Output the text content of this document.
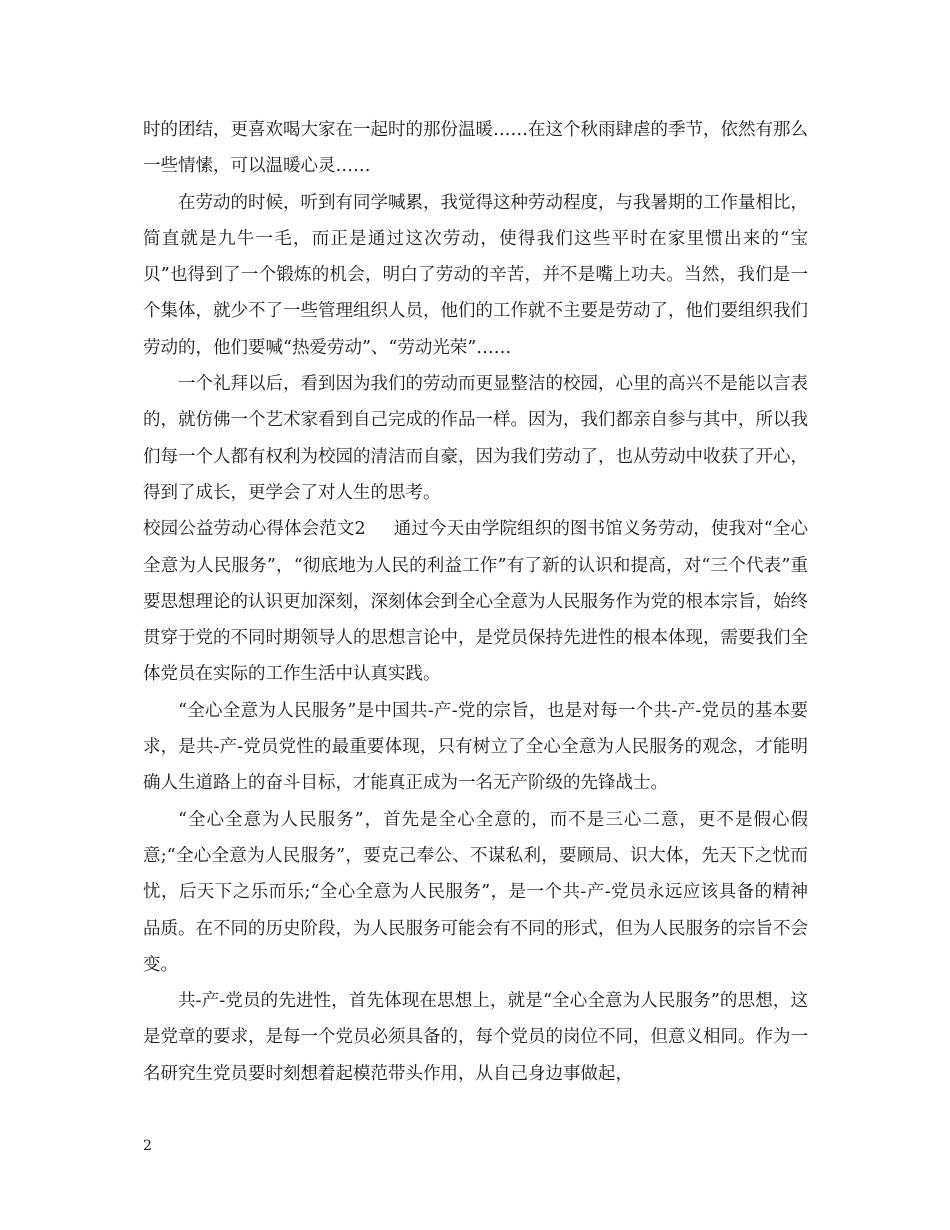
时的团结，更喜欢喝大家在一起时的那份温暖……在这个秋雨肆虐的季节，依然有那么一些情愫，可以温暖心灵……

在劳动的时候，听到有同学喊累，我觉得这种劳动程度，与我暑期的工作量相比，简直就是九牛一毛，而正是通过这次劳动，使得我们这些平时在家里惯出来的“宝贝”也得到了一个锻炼的机会，明白了劳动的辛苦，并不是嘴上功夫。当然，我们是一个集体，就少不了一些管理组织人员，他们的工作就不主要是劳动了，他们要组织我们劳动的，他们要喊“热爱劳动”、“劳动光荣”……

一个礼拜以后，看到因为我们的劳动而更显整洁的校园，心里的高兴不是能以言表的，就仿佛一个艺术家看到自己完成的作品一样。因为，我们都亲自参与其中，所以我们每一个人都有权利为校园的清洁而自豪，因为我们劳动了，也从劳动中收获了开心，得到了成长，更学会了对人生的思考。

校园公益劳动心得体会范文2 通过今天由学院组织的图书馆义务劳动，使我对“全心全意为人民服务”，“彻底地为人民的利益工作”有了新的认识和提高，对“三个代表”重要思想理论的认识更加深刻，深刻体会到全心全意为人民服务作为党的根本宗旨，始终贯穿于党的不同时期领导人的思想言论中，是党员保持先进性的根本体现，需要我们全体党员在实际的工作生活中认真实践。

“全心全意为人民服务”是中国共-产-党的宗旨，也是对每一个共-产-党员的基本要求，是共-产-党员党性的最重要体现，只有树立了全心全意为人民服务的观念，才能明确人生道路上的奋斗目标，才能真正成为一名无产阶级的先锋战士。

“全心全意为人民服务”，首先是全心全意的，而不是三心二意，更不是假心假意;“全心全意为人民服务”，要克己奉公、不谋私利，要顾局、识大体，先天下之忧而忧，后天下之乐而乐;“全心全意为人民服务”，是一个共-产-党员永远应该具备的精神品质。在不同的历史阶段，为人民服务可能会有不同的形式，但为人民服务的宗旨不会变。

共-产-党员的先进性，首先体现在思想上，就是“全心全意为人民服务”的思想，这是党章的要求，是每一个党员必须具备的，每个党员的岗位不同，但意义相同。作为一名研究生党员要时刻想着起模范带头作用，从自己身边事做起，

2
